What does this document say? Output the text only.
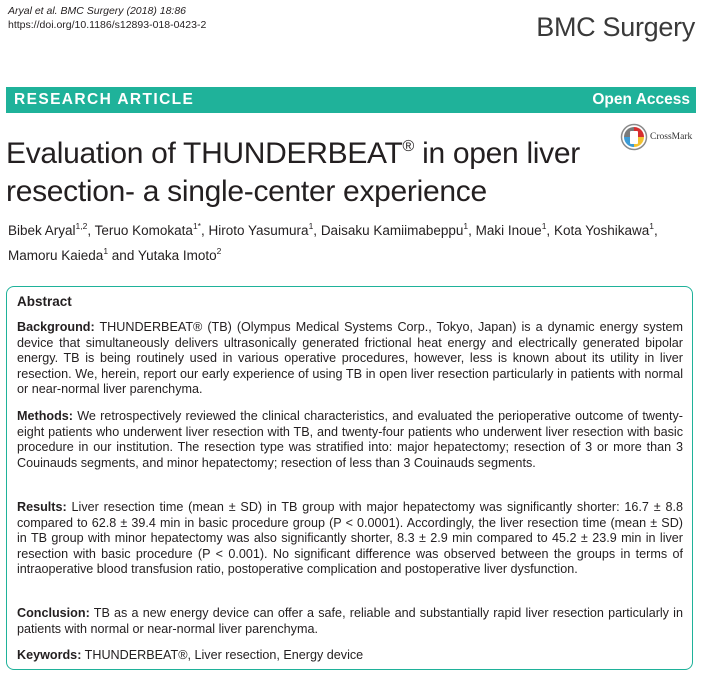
Aryal et al. BMC Surgery (2018) 18:86
https://doi.org/10.1186/s12893-018-0423-2	BMC Surgery
RESEARCH ARTICLE	Open Access
Evaluation of THUNDERBEAT® in open liver resection- a single-center experience
CrossMark
Bibek Aryal$^{1,2}$, Teruo Komokata$^{1*}$, Hiroto Yasumura$^1$, Daisaku Kamiimabeppu$^1$, Maki Inoue$^1$, Kota Yoshikawa$^1$, Mamoru Kaieda$^1$ and Yutaka Imoto$^2$
Abstract
Background: THUNDERBEAT® (TB) (Olympus Medical Systems Corp., Tokyo, Japan) is a dynamic energy system device that simultaneously delivers ultrasonically generated frictional heat energy and electrically generated bipolar energy. TB is being routinely used in various operative procedures, however, less is known about its utility in liver resection. We, herein, report our early experience of using TB in open liver resection particularly in patients with normal or near-normal liver parenchyma.
Methods: We retrospectively reviewed the clinical characteristics, and evaluated the perioperative outcome of twenty-eight patients who underwent liver resection with TB, and twenty-four patients who underwent liver resection with basic procedure in our institution. The resection type was stratified into: major hepatectomy; resection of 3 or more than 3 Couinauds segments, and minor hepatectomy; resection of less than 3 Couinauds segments.
Results: Liver resection time (mean ± SD) in TB group with major hepatectomy was significantly shorter: 16.7 ± 8.8 compared to 62.8 ± 39.4 min in basic procedure group (P < 0.0001). Accordingly, the liver resection time (mean ± SD) in TB group with minor hepatectomy was also significantly shorter, 8.3 ± 2.9 min compared to 45.2 ± 23.9 min in liver resection with basic procedure (P < 0.001). No significant difference was observed between the groups in terms of intraoperative blood transfusion ratio, postoperative complication and postoperative liver dysfunction.
Conclusion: TB as a new energy device can offer a safe, reliable and substantially rapid liver resection particularly in patients with normal or near-normal liver parenchyma.
Keywords: THUNDERBEAT®, Liver resection, Energy device
